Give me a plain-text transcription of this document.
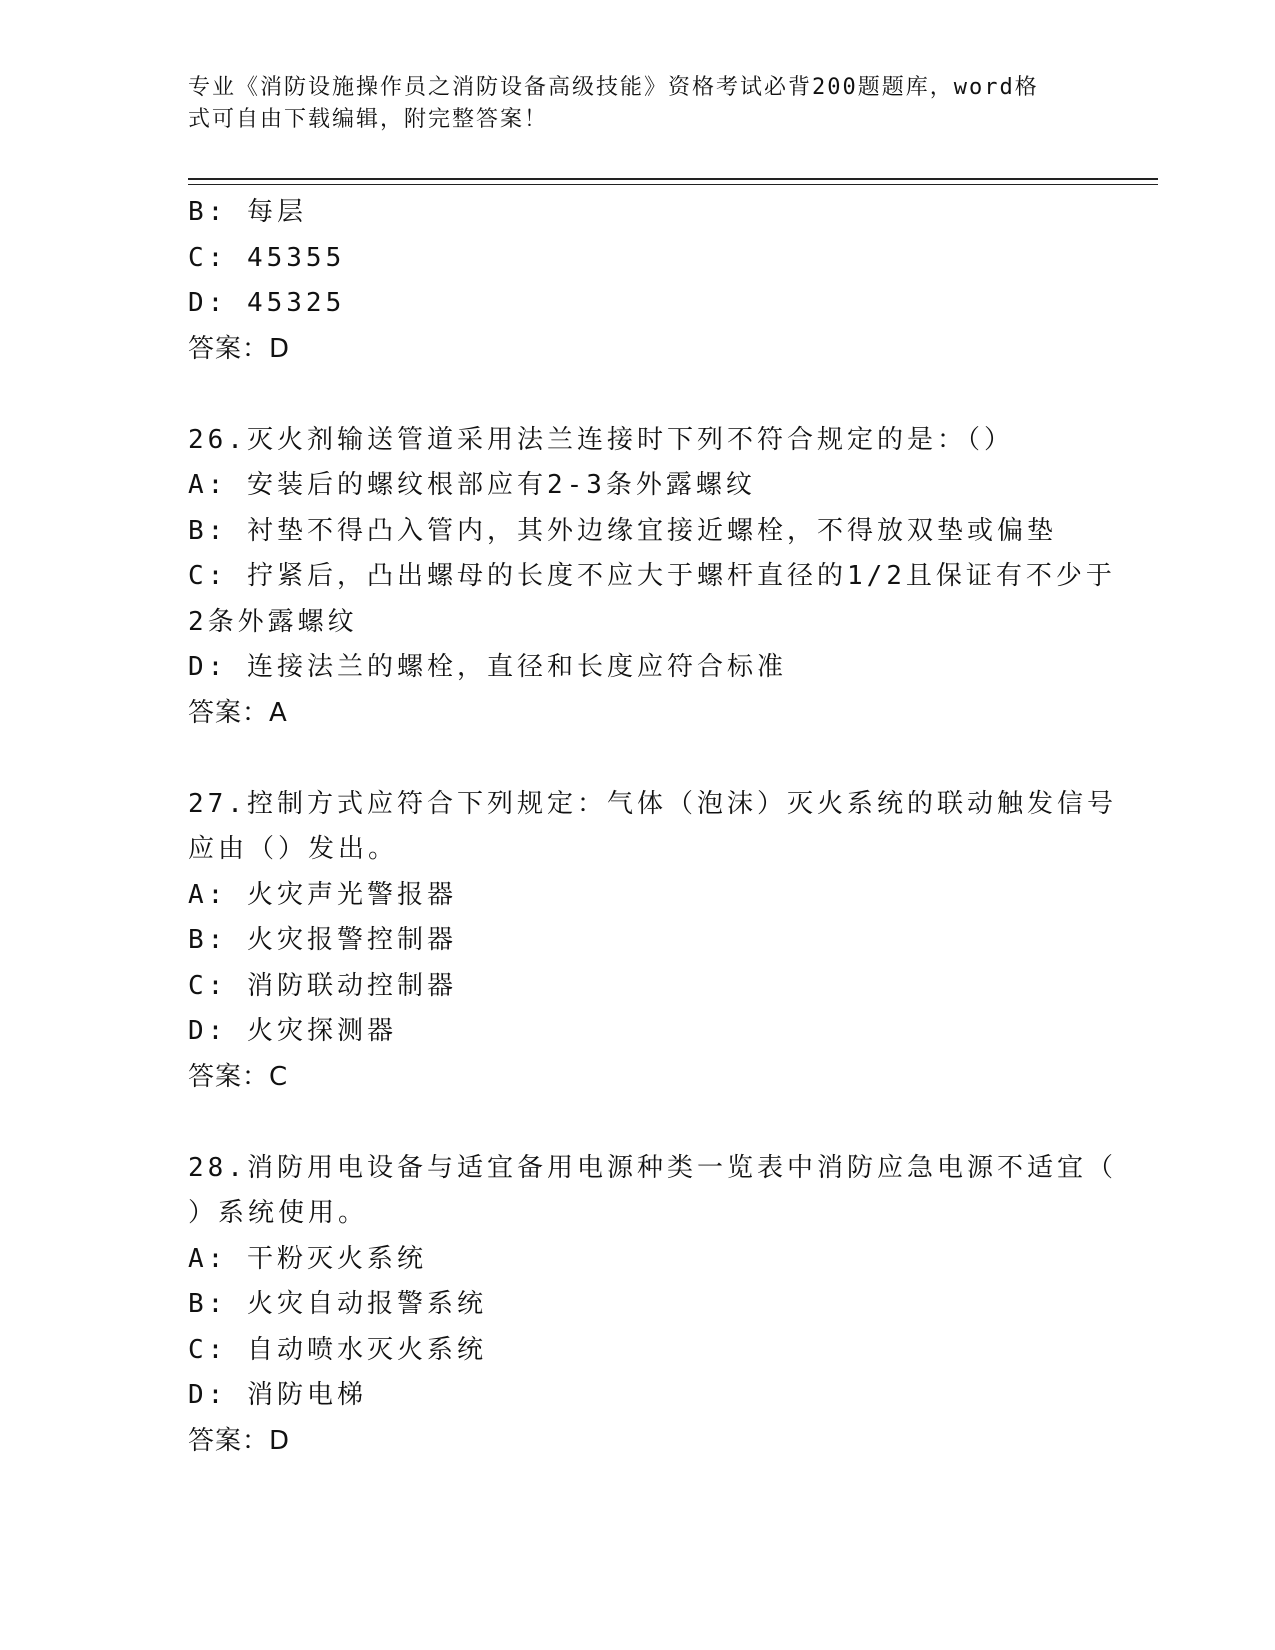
专业《消防设施操作员之消防设备高级技能》资格考试必背200题题库，word格
式可自由下载编辑，附完整答案！
B: 每层
C: 45355
D: 45325
答案：D
26.灭火剂输送管道采用法兰连接时下列不符合规定的是：（）
A: 安装后的螺纹根部应有2-3条外露螺纹
B: 衬垫不得凸入管内，其外边缘宜接近螺栓，不得放双垫或偏垫
C: 拧紧后，凸出螺母的长度不应大于螺杆直径的1/2且保证有不少于
2条外露螺纹
D: 连接法兰的螺栓，直径和长度应符合标准
答案：A
27.控制方式应符合下列规定：气体（泡沫）灭火系统的联动触发信号
应由（）发出。
A: 火灾声光警报器
B: 火灾报警控制器
C: 消防联动控制器
D: 火灾探测器
答案：C
28.消防用电设备与适宜备用电源种类一览表中消防应急电源不适宜（
）系统使用。
A: 干粉灭火系统
B: 火灾自动报警系统
C: 自动喷水灭火系统
D: 消防电梯
答案：D
